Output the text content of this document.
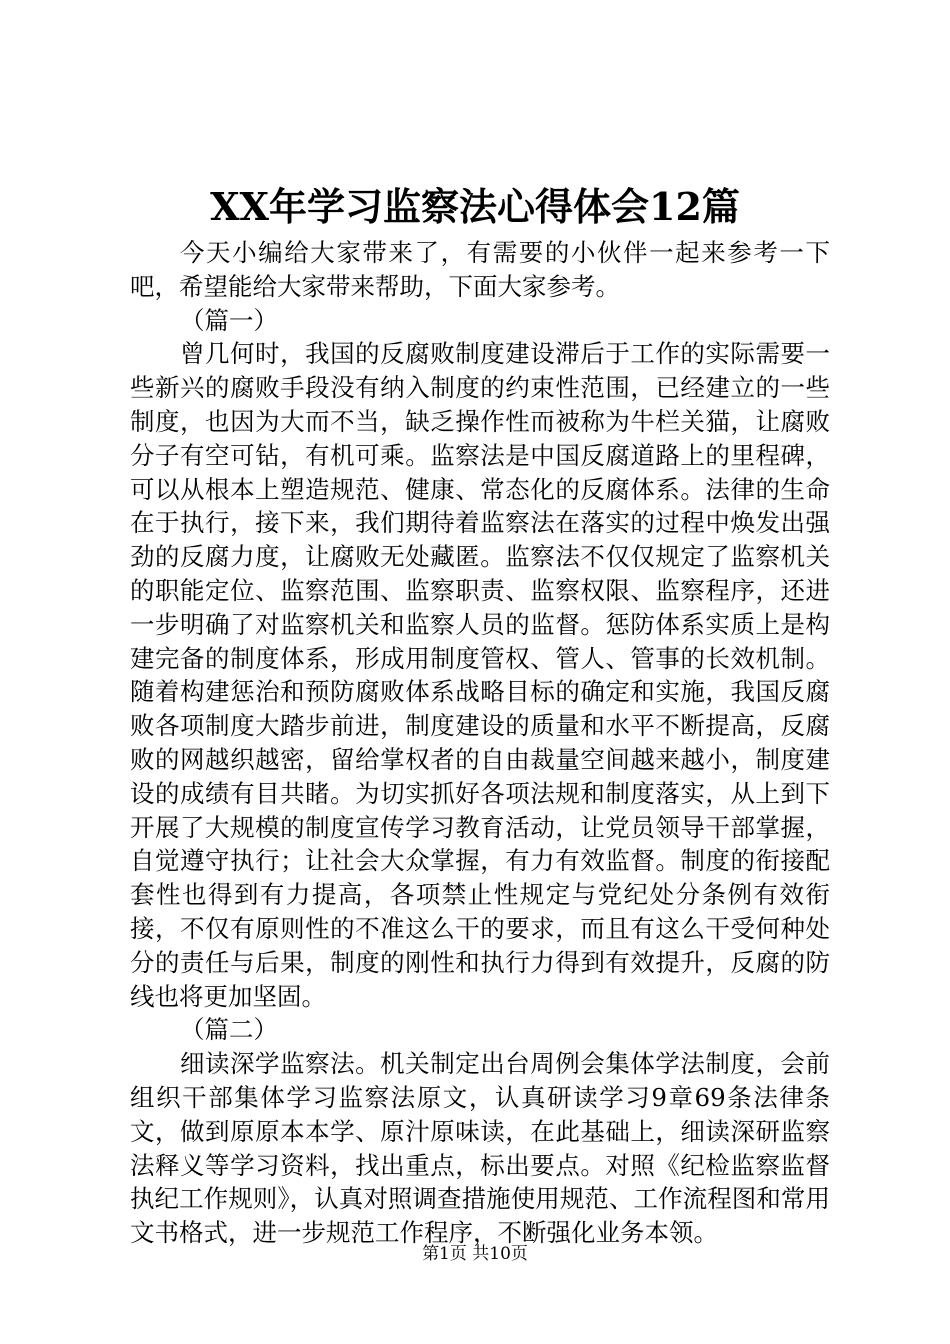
XX年学习监察法心得体会12篇

今天小编给大家带来了，有需要的小伙伴一起来参考一下吧，希望能给大家带来帮助，下面大家参考。

（篇一）

曾几何时，我国的反腐败制度建设滞后于工作的实际需要一些新兴的腐败手段没有纳入制度的约束性范围，已经建立的一些制度，也因为大而不当，缺乏操作性而被称为牛栏关猫，让腐败分子有空可钻，有机可乘。监察法是中国反腐道路上的里程碑，可以从根本上塑造规范、健康、常态化的反腐体系。法律的生命在于执行，接下来，我们期待着监察法在落实的过程中焕发出强劲的反腐力度，让腐败无处藏匿。监察法不仅仅规定了监察机关的职能定位、监察范围、监察职责、监察权限、监察程序，还进一步明确了对监察机关和监察人员的监督。惩防体系实质上是构建完备的制度体系，形成用制度管权、管人、管事的长效机制。随着构建惩治和预防腐败体系战略目标的确定和实施，我国反腐败各项制度大踏步前进，制度建设的质量和水平不断提高，反腐败的网越织越密，留给掌权者的自由裁量空间越来越小，制度建设的成绩有目共睹。为切实抓好各项法规和制度落实，从上到下开展了大规模的制度宣传学习教育活动，让党员领导干部掌握，自觉遵守执行；让社会大众掌握，有力有效监督。制度的衔接配套性也得到有力提高，各项禁止性规定与党纪处分条例有效衔接，不仅有原则性的不准这么干的要求，而且有这么干受何种处分的责任与后果，制度的刚性和执行力得到有效提升，反腐的防线也将更加坚固。

（篇二）

细读深学监察法。机关制定出台周例会集体学法制度，会前组织干部集体学习监察法原文，认真研读学习9章69条法律条文，做到原原本本学、原汁原味读，在此基础上，细读深研监察法释义等学习资料，找出重点，标出要点。对照《纪检监察监督执纪工作规则》，认真对照调查措施使用规范、工作流程图和常用文书格式，进一步规范工作程序，不断强化业务本领。

第1页 共10页
